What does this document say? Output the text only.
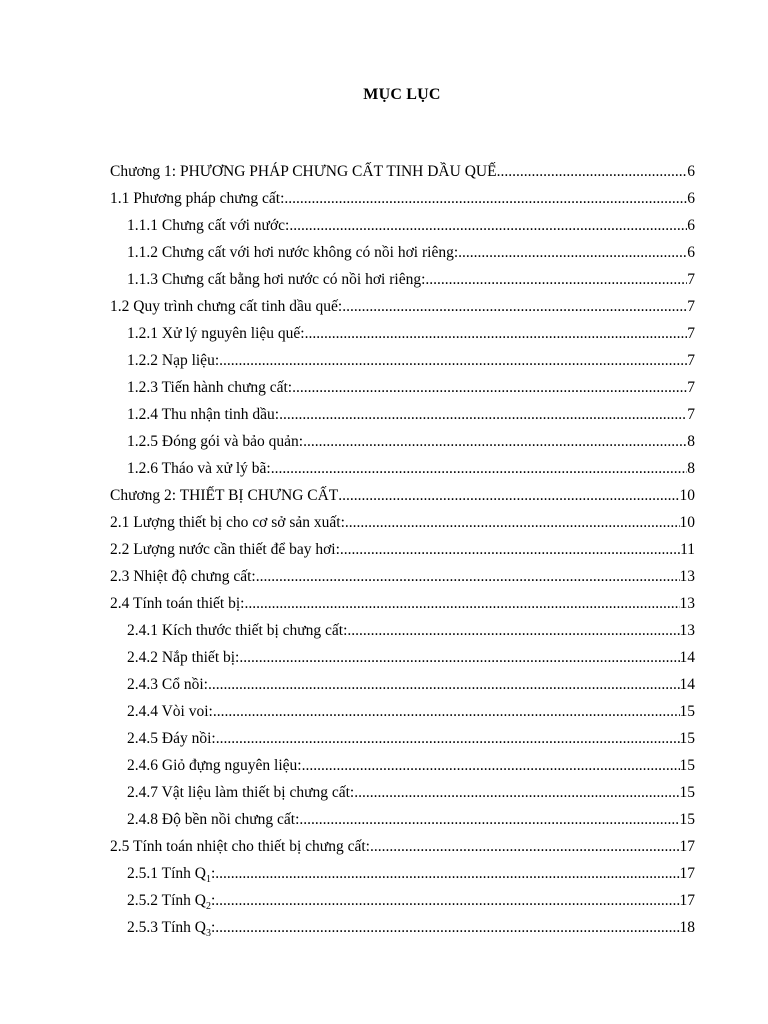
MỤC LỤC
Chương 1: PHƯƠNG PHÁP CHƯNG CẤT TINH DẦU QUẾ .....	6
1.1 Phương pháp chưng cất: .....	6
1.1.1 Chưng cất với nước: .....	6
1.1.2 Chưng cất với hơi nước không có nồi hơi riêng: .....	6
1.1.3 Chưng cất bằng hơi nước có nồi hơi riêng: .....	7
1.2 Quy trình chưng cất tinh dầu quế: .....	7
1.2.1 Xử lý nguyên liệu quế: .....	7
1.2.2 Nạp liệu: .....	7
1.2.3 Tiến hành chưng cất: .....	7
1.2.4 Thu nhận tinh dầu: .....	7
1.2.5 Đóng gói và bảo quản: .....	8
1.2.6 Tháo và xử lý bã: .....	8
Chương 2: THIẾT BỊ CHƯNG CẤT .....	10
2.1 Lượng thiết bị cho cơ sở sản xuất: .....	10
2.2 Lượng nước cần thiết để bay hơi: .....	11
2.3 Nhiệt độ chưng cất: .....	13
2.4 Tính toán thiết bị: .....	13
2.4.1 Kích thước thiết bị chưng cất: .....	13
2.4.2 Nắp thiết bị: .....	14
2.4.3 Cổ nồi: .....	14
2.4.4 Vòi voi: .....	15
2.4.5 Đáy nồi: .....	15
2.4.6 Giỏ đựng nguyên liệu: .....	15
2.4.7 Vật liệu làm thiết bị chưng cất: .....	15
2.4.8 Độ bền nồi chưng cất: .....	15
2.5 Tính toán nhiệt cho thiết bị chưng cất: .....	17
2.5.1 Tính $Q_1$: .....	17
2.5.2 Tính $Q_2$: .....	17
2.5.3 Tính $Q_3$: .....	18
